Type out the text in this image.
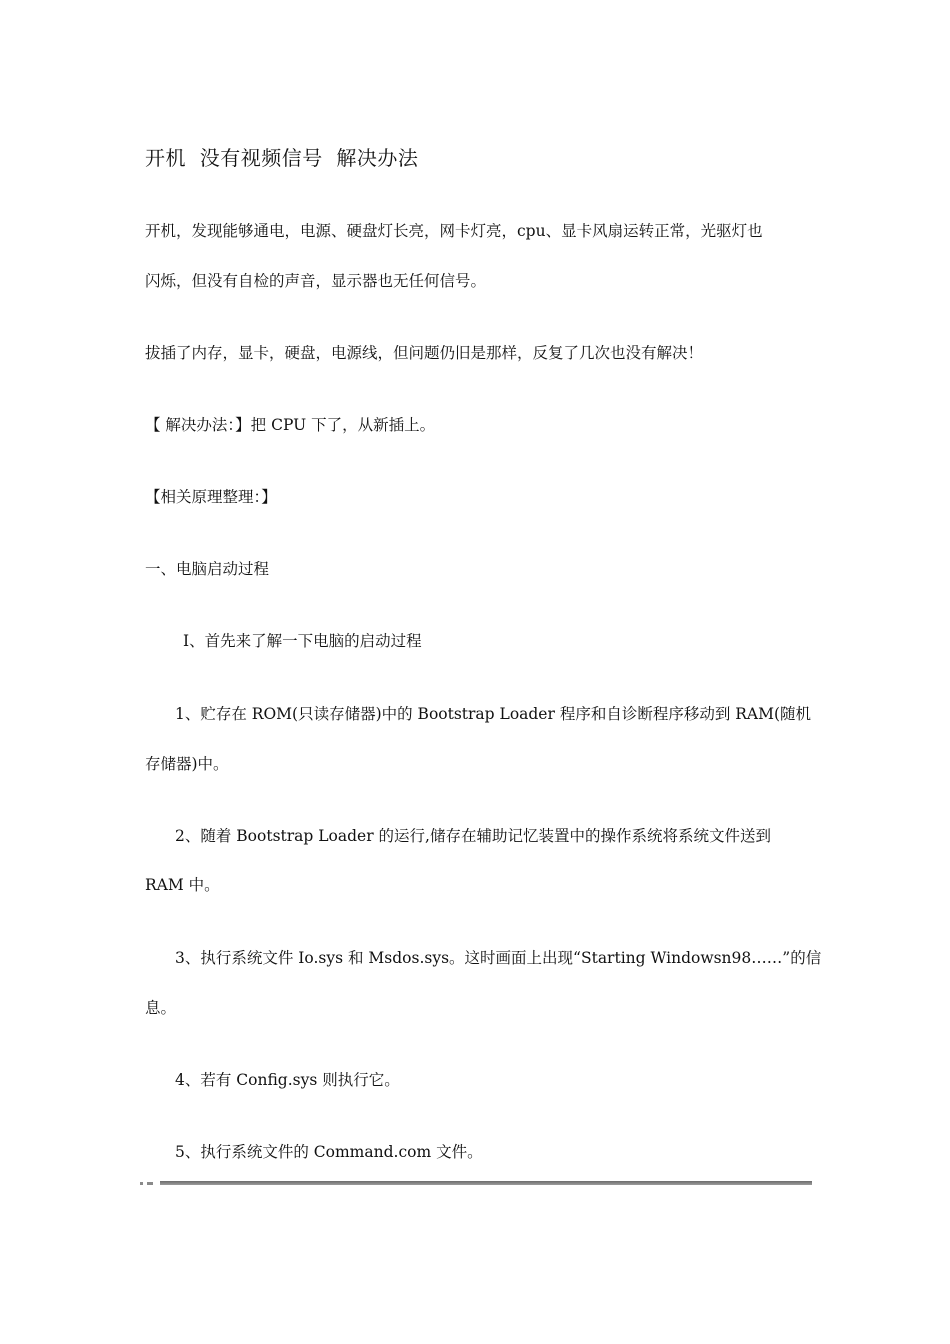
开机  没有视频信号  解决办法
开机，发现能够通电，电源、硬盘灯长亮，网卡灯亮，cpu、显卡风扇运转正常，光驱灯也
闪烁，但没有自检的声音，显示器也无任何信号。
拔插了内存，显卡，硬盘，电源线，但问题仍旧是那样，反复了几次也没有解决！
【 解决办法：】把 CPU 下了，从新插上。
【相关原理整理：】
一、电脑启动过程
Ⅰ、首先来了解一下电脑的启动过程
1、贮存在 ROM(只读存储器)中的 Bootstrap Loader 程序和自诊断程序移动到 RAM(随机
存储器)中。
2、随着 Bootstrap Loader 的运行,储存在辅助记忆装置中的操作系统将系统文件送到
RAM 中。
3、执行系统文件 Io.sys 和 Msdos.sys。这时画面上出现“Starting Windowsn98……”的信
息。
4、若有 Config.sys 则执行它。
5、执行系统文件的 Command.com 文件。
